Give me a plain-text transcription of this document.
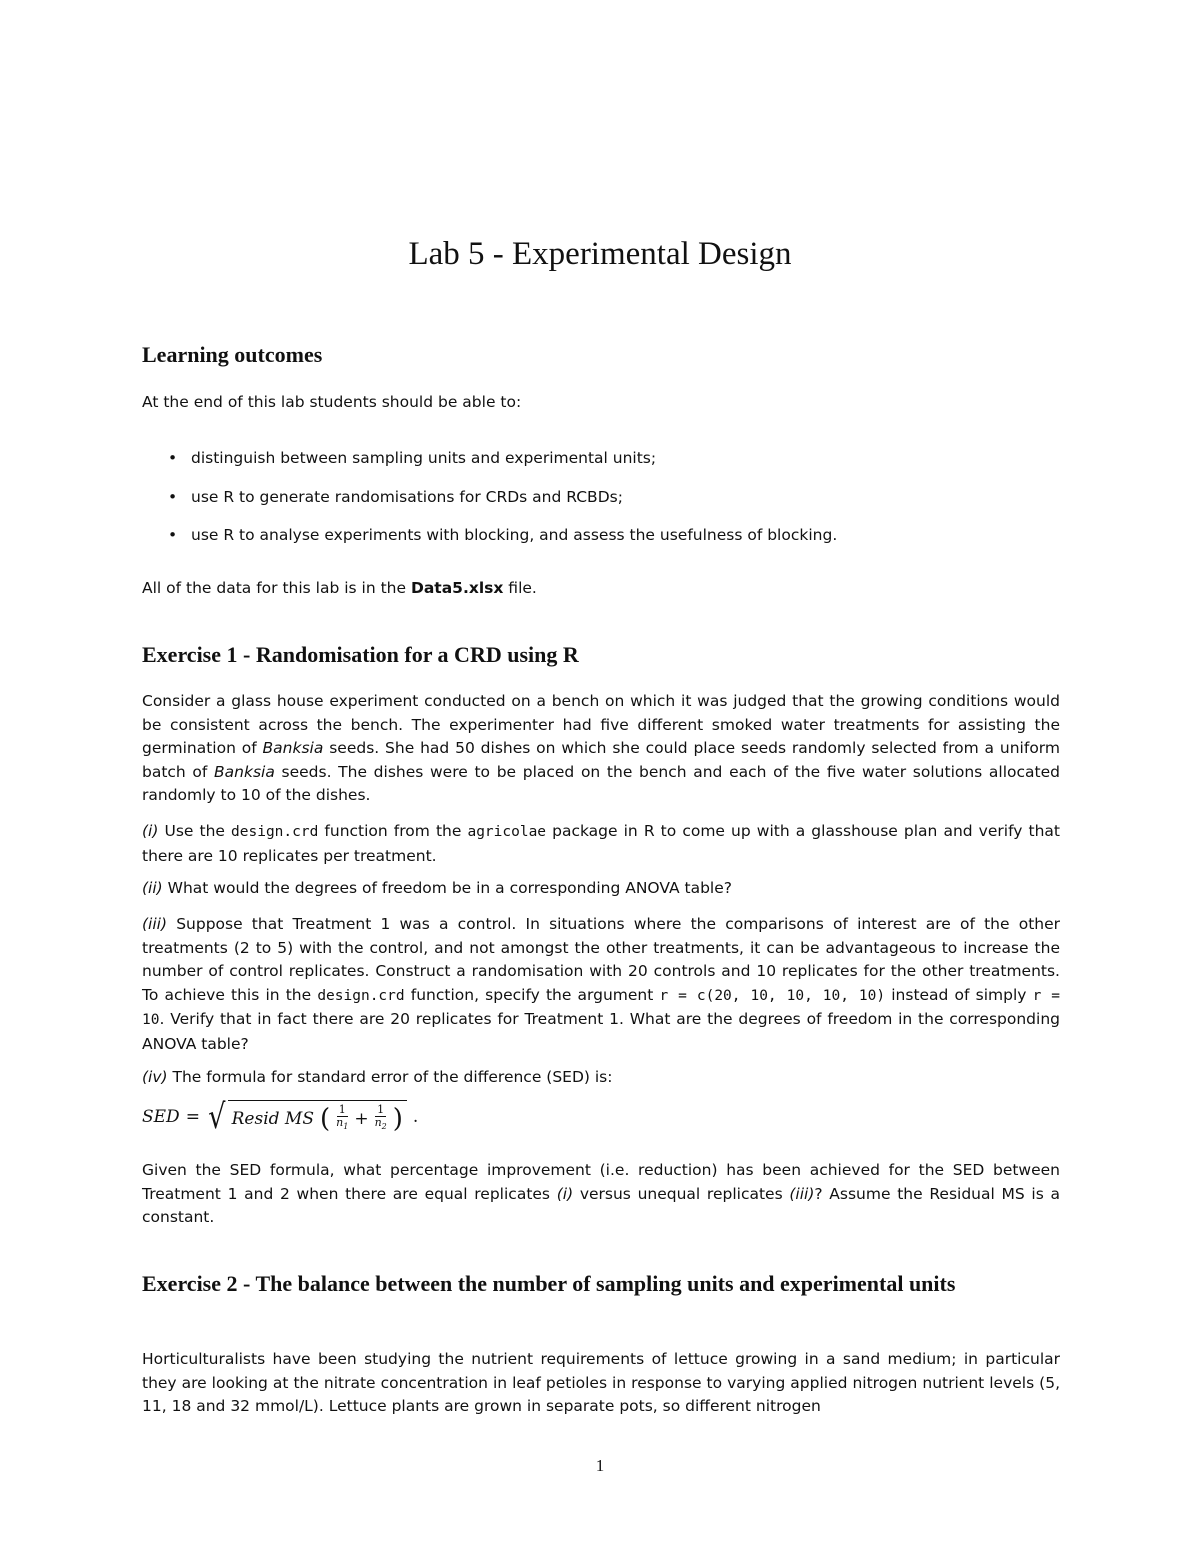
Lab 5 - Experimental Design
Learning outcomes

At the end of this lab students should be able to:

• distinguish between sampling units and experimental units;
• use R to generate randomisations for CRDs and RCBDs;
• use R to analyse experiments with blocking, and assess the usefulness of blocking.

All of the data for this lab is in the Data5.xlsx file.

Exercise 1 - Randomisation for a CRD using R

Consider a glass house experiment conducted on a bench on which it was judged that the growing conditions would be consistent across the bench. The experimenter had five different smoked water treatments for assisting the germination of Banksia seeds. She had 50 dishes on which she could place seeds randomly selected from a uniform batch of Banksia seeds. The dishes were to be placed on the bench and each of the five water solutions allocated randomly to 10 of the dishes.

(i) Use the design.crd function from the agricolae package in R to come up with a glasshouse plan and verify that there are 10 replicates per treatment.

(ii) What would the degrees of freedom be in a corresponding ANOVA table?

(iii) Suppose that Treatment 1 was a control. In situations where the comparisons of interest are of the other treatments (2 to 5) with the control, and not amongst the other treatments, it can be advantageous to increase the number of control replicates. Construct a randomisation with 20 controls and 10 replicates for the other treatments. To achieve this in the design.crd function, specify the argument r = c(20, 10, 10, 10, 10) instead of simply r = 10. Verify that in fact there are 20 replicates for Treatment 1. What are the degrees of freedom in the corresponding ANOVA table?

(iv) The formula for standard error of the difference (SED) is:

SED = √ Resid MS ( $\frac{1}{n_1} + \frac{1}{n_2}$ ) .

Given the SED formula, what percentage improvement (i.e. reduction) has been achieved for the SED between Treatment 1 and 2 when there are equal replicates (i) versus unequal replicates (iii)? Assume the Residual MS is a constant.

Exercise 2 - The balance between the number of sampling units and experimental units

Horticulturalists have been studying the nutrient requirements of lettuce growing in a sand medium; in particular they are looking at the nitrate concentration in leaf petioles in response to varying applied nitrogen nutrient levels (5, 11, 18 and 32 mmol/L). Lettuce plants are grown in separate pots, so different nitrogen

1
